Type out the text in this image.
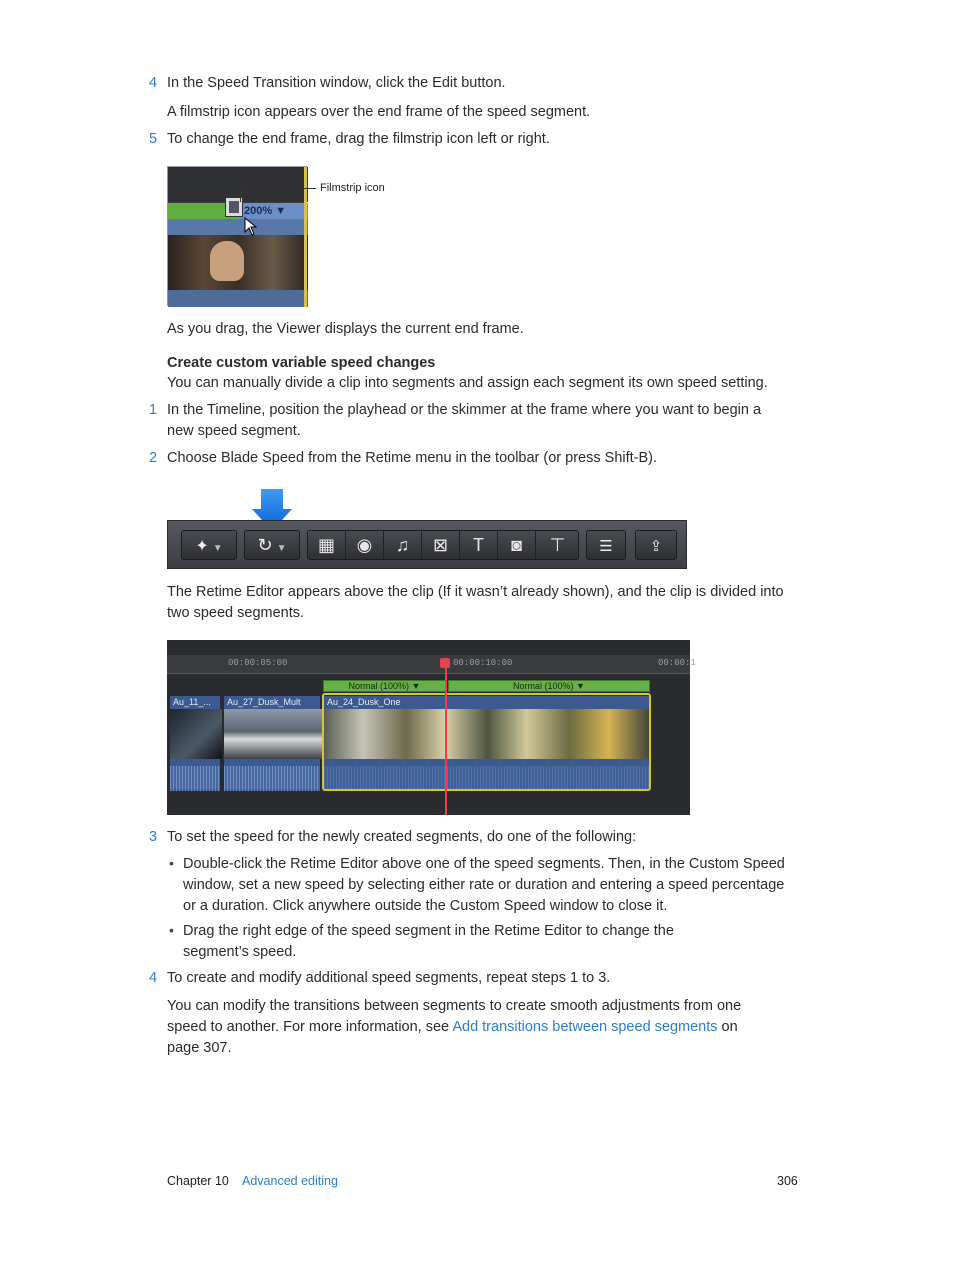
4 In the Speed Transition window, click the Edit button.
A filmstrip icon appears over the end frame of the speed segment.
5 To change the end frame, drag the filmstrip icon left or right.
200% ▼
Filmstrip icon
As you drag, the Viewer displays the current end frame.
Create custom variable speed changes
You can manually divide a clip into segments and assign each segment its own speed setting.
1 In the Timeline, position the playhead or the skimmer at the frame where you want to begin a
new speed segment.
2 Choose Blade Speed from the Retime menu in the toolbar (or press Shift-B).
✦ ▼	↻ ▼	▦	◉	♫	⊠	T	◙	⊤	☰	⇪
The Retime Editor appears above the clip (If it wasn’t already shown), and the clip is divided into
two speed segments.
00:00:05:00	00:00:10:00	00:00:1
Normal (100%) ▼	Normal (100%) ▼
Au_11_... Au_27_Dusk_Mult	Au_24_Dusk_One
3 To set the speed for the newly created segments, do one of the following:
• Double-click the Retime Editor above one of the speed segments. Then, in the Custom Speed
window, set a new speed by selecting either rate or duration and entering a speed percentage
or a duration. Click anywhere outside the Custom Speed window to close it.
• Drag the right edge of the speed segment in the Retime Editor to change the
segment’s speed.
4 To create and modify additional speed segments, repeat steps 1 to 3.
You can modify the transitions between segments to create smooth adjustments from one
speed to another. For more information, see Add transitions between speed segments on
page 307.
Chapter 10 Advanced editing	306
